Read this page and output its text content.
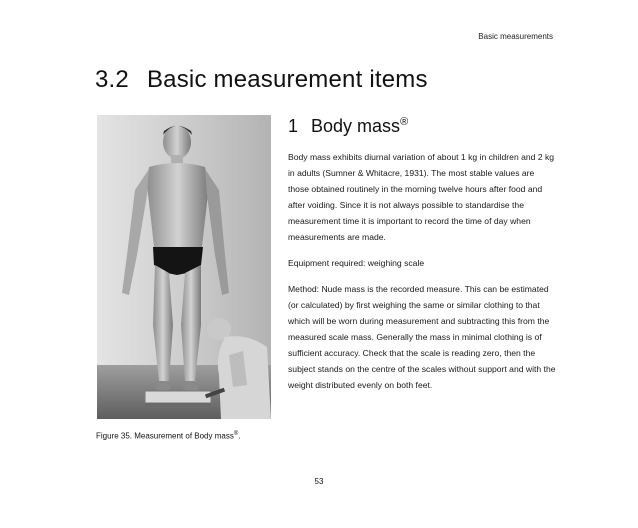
Basic measurements
3.2 Basic measurement items
Figure 35. Measurement of Body mass®.
1 Body mass®

Body mass exhibits diurnal variation of about 1 kg in children and 2 kg in adults (Sumner & Whitacre, 1931). The most stable values are those obtained routinely in the morning twelve hours after food and after voiding. Since it is not always possible to standardise the measurement time it is important to record the time of day when measurements are made.

Equipment required: weighing scale

Method: Nude mass is the recorded measure. This can be estimated (or calculated) by first weighing the same or similar clothing to that which will be worn during measurement and subtracting this from the measured scale mass. Generally the mass in minimal clothing is of sufficient accuracy. Check that the scale is reading zero, then the subject stands on the centre of the scales without support and with the weight distributed evenly on both feet.

53
